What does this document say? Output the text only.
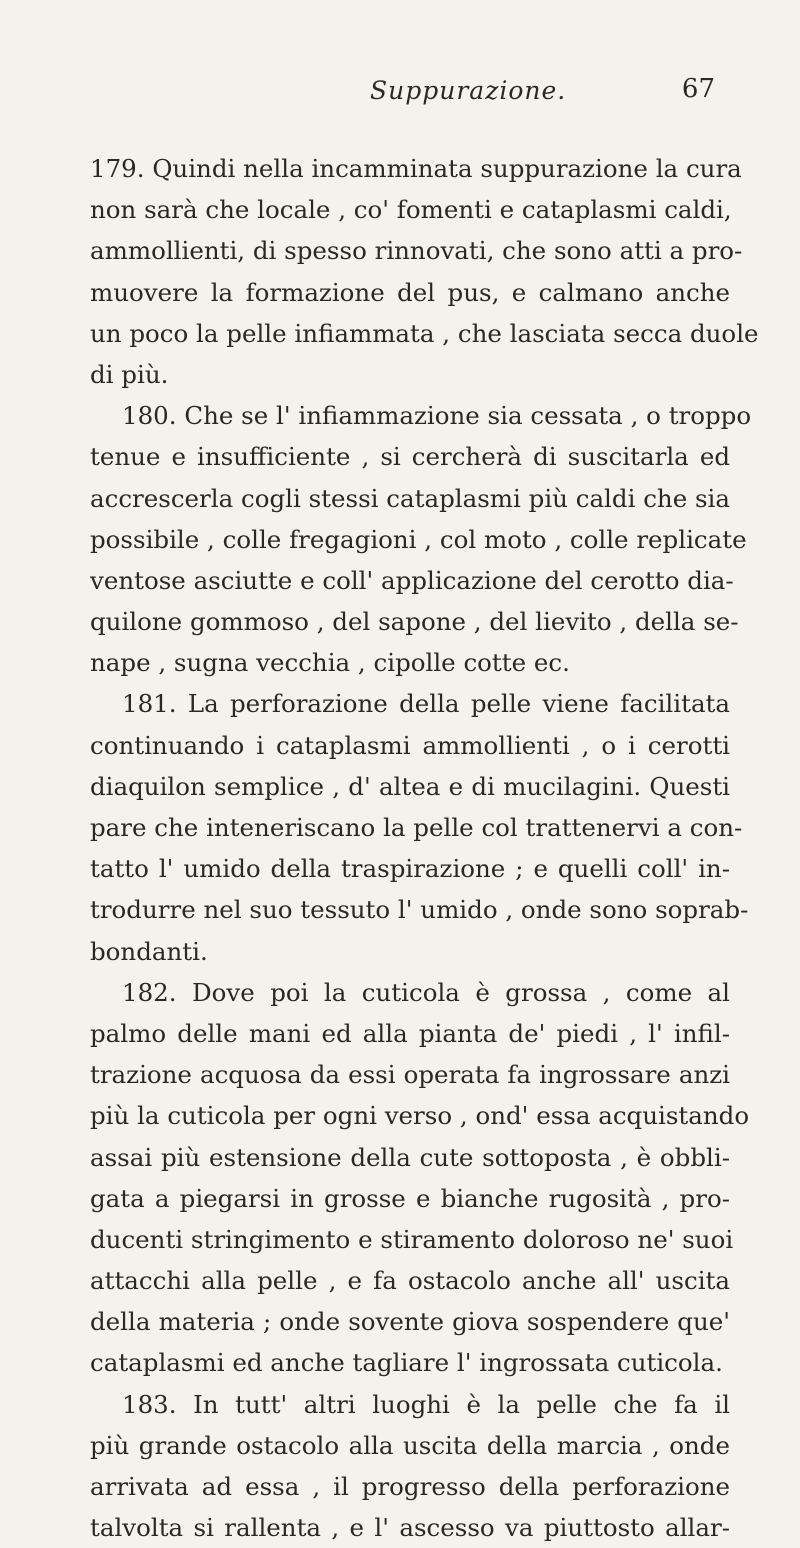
Suppurazione.	67
179. Quindi nella incamminata suppurazione la cura
non sarà che locale , co' fomenti e cataplasmi caldi,
ammollienti, di spesso rinnovati, che sono atti a pro-
muovere la formazione del pus, e calmano anche
un poco la pelle infiammata , che lasciata secca duole
di più.
180. Che se l' infiammazione sia cessata , o troppo
tenue e insufficiente , si cercherà di suscitarla ed
accrescerla cogli stessi cataplasmi più caldi che sia
possibile , colle fregagioni , col moto , colle replicate
ventose asciutte e coll' applicazione del cerotto dia-
quilone gommoso , del sapone , del lievito , della se-
nape , sugna vecchia , cipolle cotte ec.
181. La perforazione della pelle viene facilitata
continuando i cataplasmi ammollienti , o i cerotti
diaquilon semplice , d' altea e di mucilagini. Questi
pare che inteneriscano la pelle col trattenervi a con-
tatto l' umido della traspirazione ; e quelli coll' in-
trodurre nel suo tessuto l' umido , onde sono soprab-
bondanti.
182. Dove poi la cuticola è grossa , come al
palmo delle mani ed alla pianta de' piedi , l' infil-
trazione acquosa da essi operata fa ingrossare anzi
più la cuticola per ogni verso , ond' essa acquistando
assai più estensione della cute sottoposta , è obbli-
gata a piegarsi in grosse e bianche rugosità , pro-
ducenti stringimento e stiramento doloroso ne' suoi
attacchi alla pelle , e fa ostacolo anche all' uscita
della materia ; onde sovente giova sospendere que'
cataplasmi ed anche tagliare l' ingrossata cuticola.
183. In tutt' altri luoghi è la pelle che fa il
più grande ostacolo alla uscita della marcia , onde
arrivata ad essa , il progresso della perforazione
talvolta si rallenta , e l' ascesso va piuttosto allar-
